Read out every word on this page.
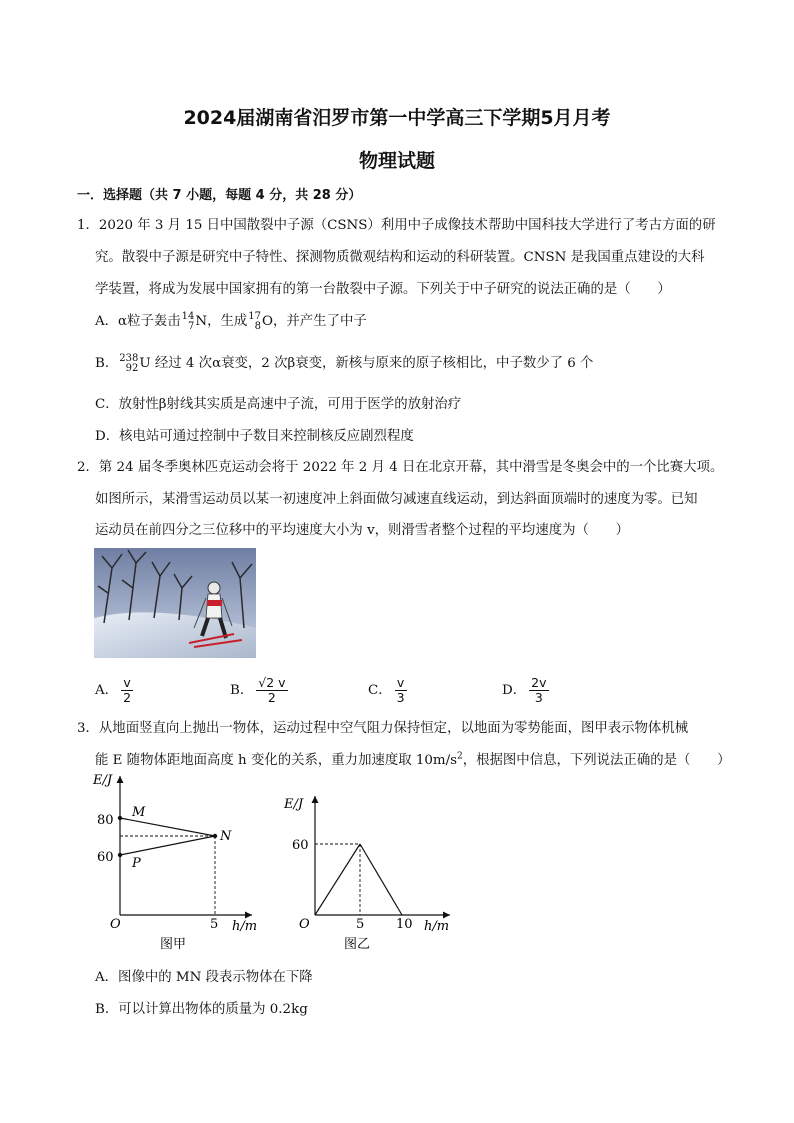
2024届湖南省汨罗市第一中学高三下学期5月月考
物理试题
一．选择题（共 7 小题，每题 4 分，共 28 分）
1．2020 年 3 月 15 日中国散裂中子源（CSNS）利用中子成像技术帮助中国科技大学进行了考古方面的研
究。散裂中子源是研究中子特性、探测物质微观结构和运动的科研装置。CNSN 是我国重点建设的大科
学装置，将成为发展中国家拥有的第一台散裂中子源。下列关于中子研究的说法正确的是（　　）
A．α粒子轰击 14
7 N，生成 17
8 O，并产生了中子
B． 238
92 U 经过 4 次α衰变，2 次β衰变，新核与原来的原子核相比，中子数少了 6 个
C．放射性β射线其实质是高速中子流，可用于医学的放射治疗
D．核电站可通过控制中子数目来控制核反应剧烈程度
2．第 24 届冬季奥林匹克运动会将于 2022 年 2 月 4 日在北京开幕，其中滑雪是冬奥会中的一个比赛大项。
如图所示，某滑雪运动员以某一初速度冲上斜面做匀减速直线运动，到达斜面顶端时的速度为零。已知
运动员在前四分之三位移中的平均速度大小为 v，则滑雪者整个过程的平均速度为（　　）
A． $\frac{v}{2}$	B． $\frac{√2 v}{2}$	C． $\frac{v}{3}$	D． $\frac{2v}{3}$
3．从地面竖直向上抛出一物体，运动过程中空气阻力保持恒定，以地面为零势能面，图甲表示物体机械
能 E 随物体距地面高度 h 变化的关系，重力加速度取 $10m/s^2$，根据图中信息，下列说法正确的是（　　）
E/J
h/m
O
80
60
5
M
N
P
图甲
E/J
h/m
O
60
5 10
图乙
A．图像中的 MN 段表示物体在下降
B．可以计算出物体的质量为 0.2kg
